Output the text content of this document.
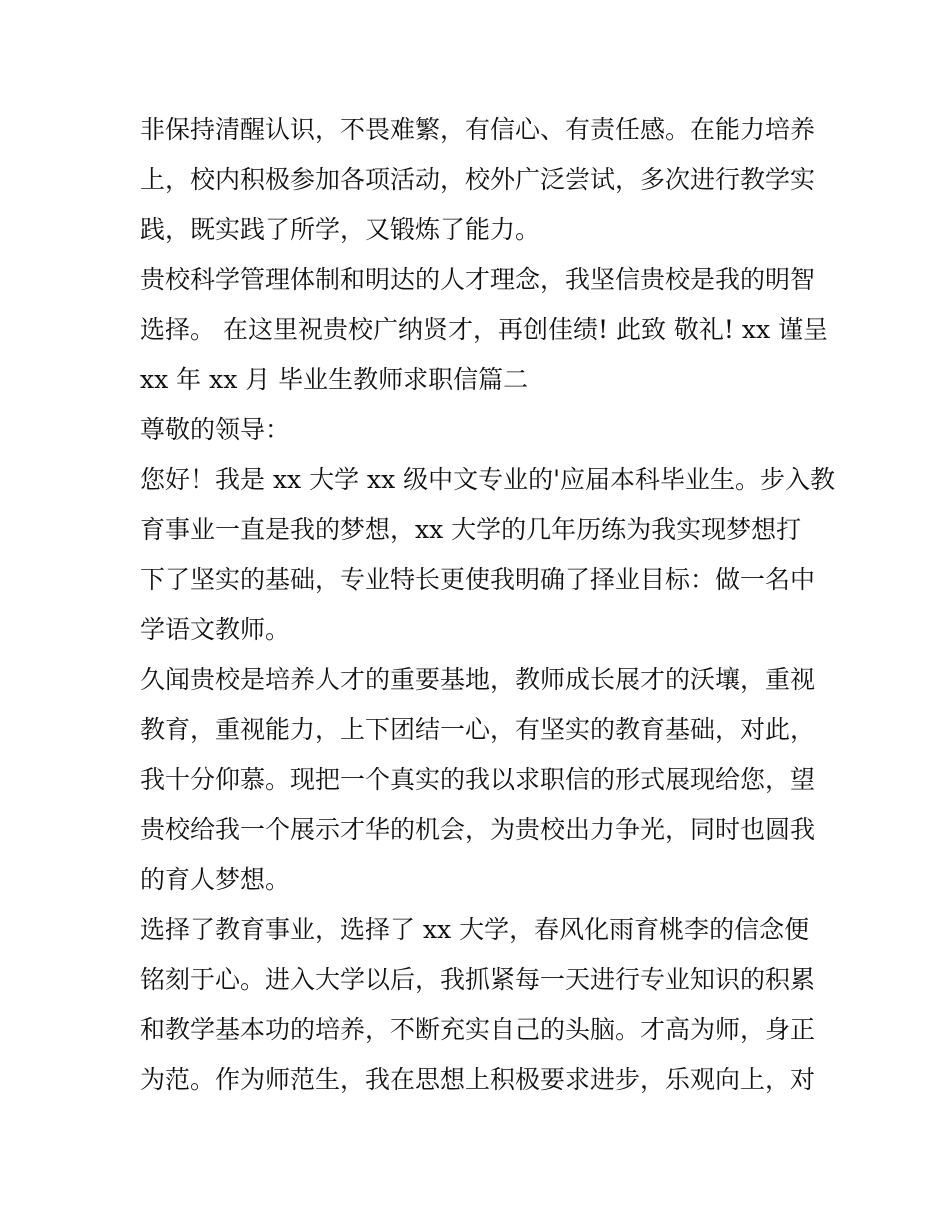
非保持清醒认识，不畏难繁，有信心、有责任感。在能力培养
上，校内积极参加各项活动，校外广泛尝试，多次进行教学实
践，既实践了所学，又锻炼了能力。
贵校科学管理体制和明达的人才理念，我坚信贵校是我的明智
选择。 在这里祝贵校广纳贤才，再创佳绩! 此致 敬礼! xx 谨呈
xx 年 xx 月 毕业生教师求职信篇二
尊敬的领导：
您好！我是 xx 大学 xx 级中文专业的'应届本科毕业生。步入教
育事业一直是我的梦想，xx 大学的几年历练为我实现梦想打
下了坚实的基础，专业特长更使我明确了择业目标：做一名中
学语文教师。
久闻贵校是培养人才的重要基地，教师成长展才的沃壤，重视
教育，重视能力，上下团结一心，有坚实的教育基础，对此，
我十分仰慕。现把一个真实的我以求职信的形式展现给您，望
贵校给我一个展示才华的机会，为贵校出力争光，同时也圆我
的育人梦想。
选择了教育事业，选择了 xx 大学，春风化雨育桃李的信念便
铭刻于心。进入大学以后，我抓紧每一天进行专业知识的积累
和教学基本功的培养，不断充实自己的头脑。才高为师，身正
为范。作为师范生，我在思想上积极要求进步，乐观向上，对
